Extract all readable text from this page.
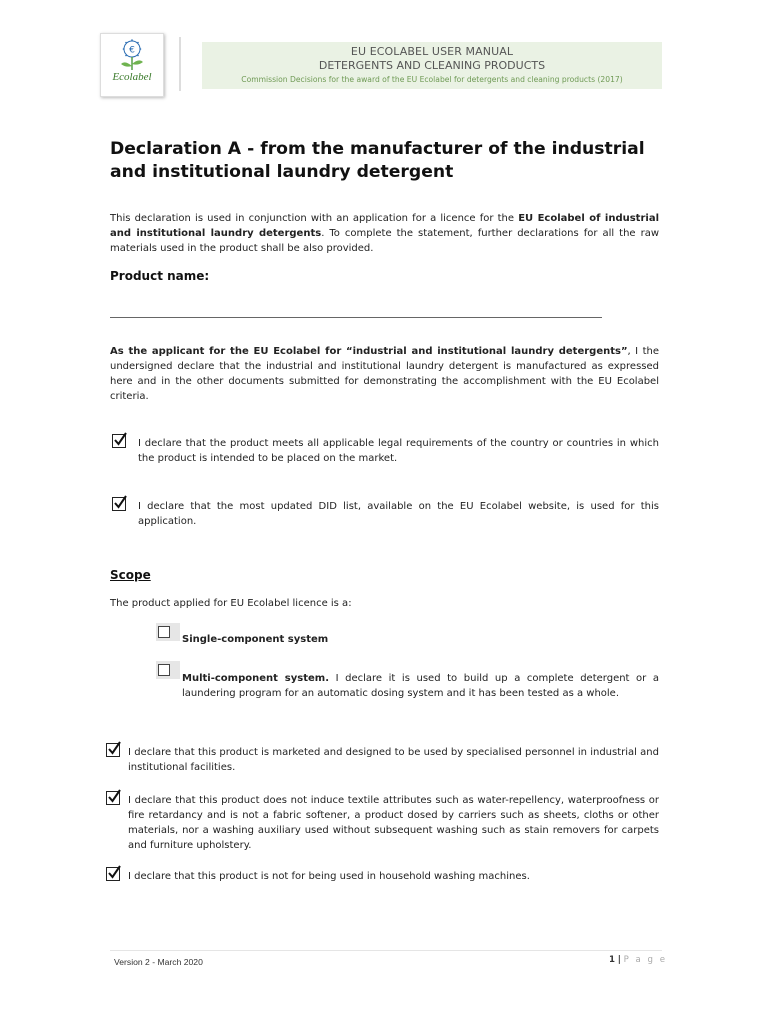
€
Ecolabel
EU ECOLABEL USER MANUAL
DETERGENTS AND CLEANING PRODUCTS
Commission Decisions for the award of the EU Ecolabel for detergents and cleaning products (2017)
Declaration A - from the manufacturer of the industrial and institutional laundry detergent
This declaration is used in conjunction with an application for a licence for the EU Ecolabel of industrial and institutional laundry detergents. To complete the statement, further declarations for all the raw materials used in the product shall be also provided.
Product name:
As the applicant for the EU Ecolabel for “industrial and institutional laundry detergents”, I the undersigned declare that the industrial and institutional laundry detergent is manufactured as expressed here and in the other documents submitted for demonstrating the accomplishment with the EU Ecolabel criteria.
I declare that the product meets all applicable legal requirements of the country or countries in which the product is intended to be placed on the market.
I declare that the most updated DID list, available on the EU Ecolabel website, is used for this application.
Scope
The product applied for EU Ecolabel licence is a:
Single-component system
Multi-component system. I declare it is used to build up a complete detergent or a laundering program for an automatic dosing system and it has been tested as a whole.
I declare that this product is marketed and designed to be used by specialised personnel in industrial and institutional facilities.
I declare that this product does not induce textile attributes such as water-repellency, waterproofness or fire retardancy and is not a fabric softener, a product dosed by carriers such as sheets, cloths or other materials, nor a washing auxiliary used without subsequent washing such as stain removers for carpets and furniture upholstery.
I declare that this product is not for being used in household washing machines.
Version 2 - March 2020	1 | P a g e
